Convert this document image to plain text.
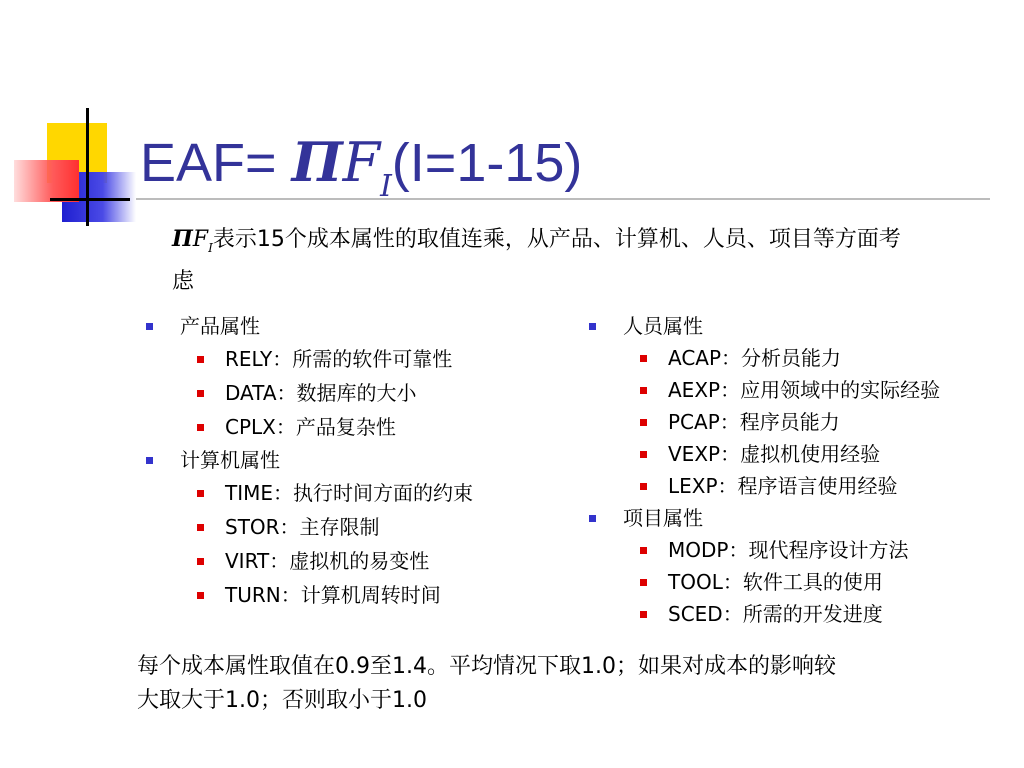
$EAF= \Pi F_I(I=1-15)$

$\Pi F_I$表示15个成本属性的取值连乘，从产品、计算机、人员、项目等方面考虑

产品属性
RELY：所需的软件可靠性
DATA：数据库的大小
CPLX：产品复杂性
计算机属性
TIME：执行时间方面的约束
STOR：主存限制
VIRT：虚拟机的易变性
TURN：计算机周转时间
人员属性
ACAP：分析员能力
AEXP：应用领域中的实际经验
PCAP：程序员能力
VEXP：虚拟机使用经验
LEXP：程序语言使用经验
项目属性
MODP：现代程序设计方法
TOOL：软件工具的使用
SCED：所需的开发进度

每个成本属性取值在0.9至1.4。平均情况下取1.0；如果对成本的影响较大取大于1.0；否则取小于1.0
